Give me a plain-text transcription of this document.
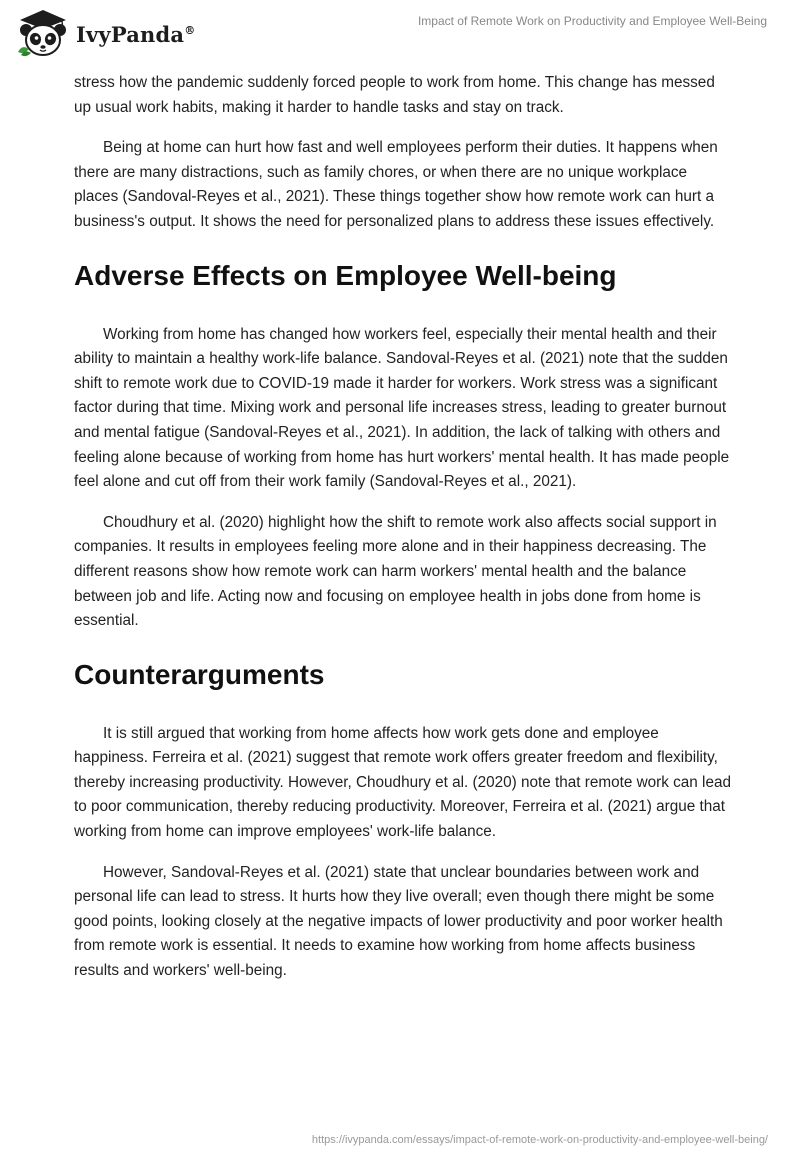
IvyPanda®
Impact of Remote Work on Productivity and Employee Well-Being

stress how the pandemic suddenly forced people to work from home. This change has messed up usual work habits, making it harder to handle tasks and stay on track.

Being at home can hurt how fast and well employees perform their duties. It happens when there are many distractions, such as family chores, or when there are no unique workplace places (Sandoval-Reyes et al., 2021). These things together show how remote work can hurt a business's output. It shows the need for personalized plans to address these issues effectively.

Adverse Effects on Employee Well-being

Working from home has changed how workers feel, especially their mental health and their ability to maintain a healthy work-life balance. Sandoval-Reyes et al. (2021) note that the sudden shift to remote work due to COVID-19 made it harder for workers. Work stress was a significant factor during that time. Mixing work and personal life increases stress, leading to greater burnout and mental fatigue (Sandoval-Reyes et al., 2021). In addition, the lack of talking with others and feeling alone because of working from home has hurt workers' mental health. It has made people feel alone and cut off from their work family (Sandoval-Reyes et al., 2021).

Choudhury et al. (2020) highlight how the shift to remote work also affects social support in companies. It results in employees feeling more alone and in their happiness decreasing. The different reasons show how remote work can harm workers' mental health and the balance between job and life. Acting now and focusing on employee health in jobs done from home is essential.

Counterarguments

It is still argued that working from home affects how work gets done and employee happiness. Ferreira et al. (2021) suggest that remote work offers greater freedom and flexibility, thereby increasing productivity. However, Choudhury et al. (2020) note that remote work can lead to poor communication, thereby reducing productivity. Moreover, Ferreira et al. (2021) argue that working from home can improve employees' work-life balance.

However, Sandoval-Reyes et al. (2021) state that unclear boundaries between work and personal life can lead to stress. It hurts how they live overall; even though there might be some good points, looking closely at the negative impacts of lower productivity and poor worker health from remote work is essential. It needs to examine how working from home affects business results and workers' well-being.

https://ivypanda.com/essays/impact-of-remote-work-on-productivity-and-employee-well-being/
